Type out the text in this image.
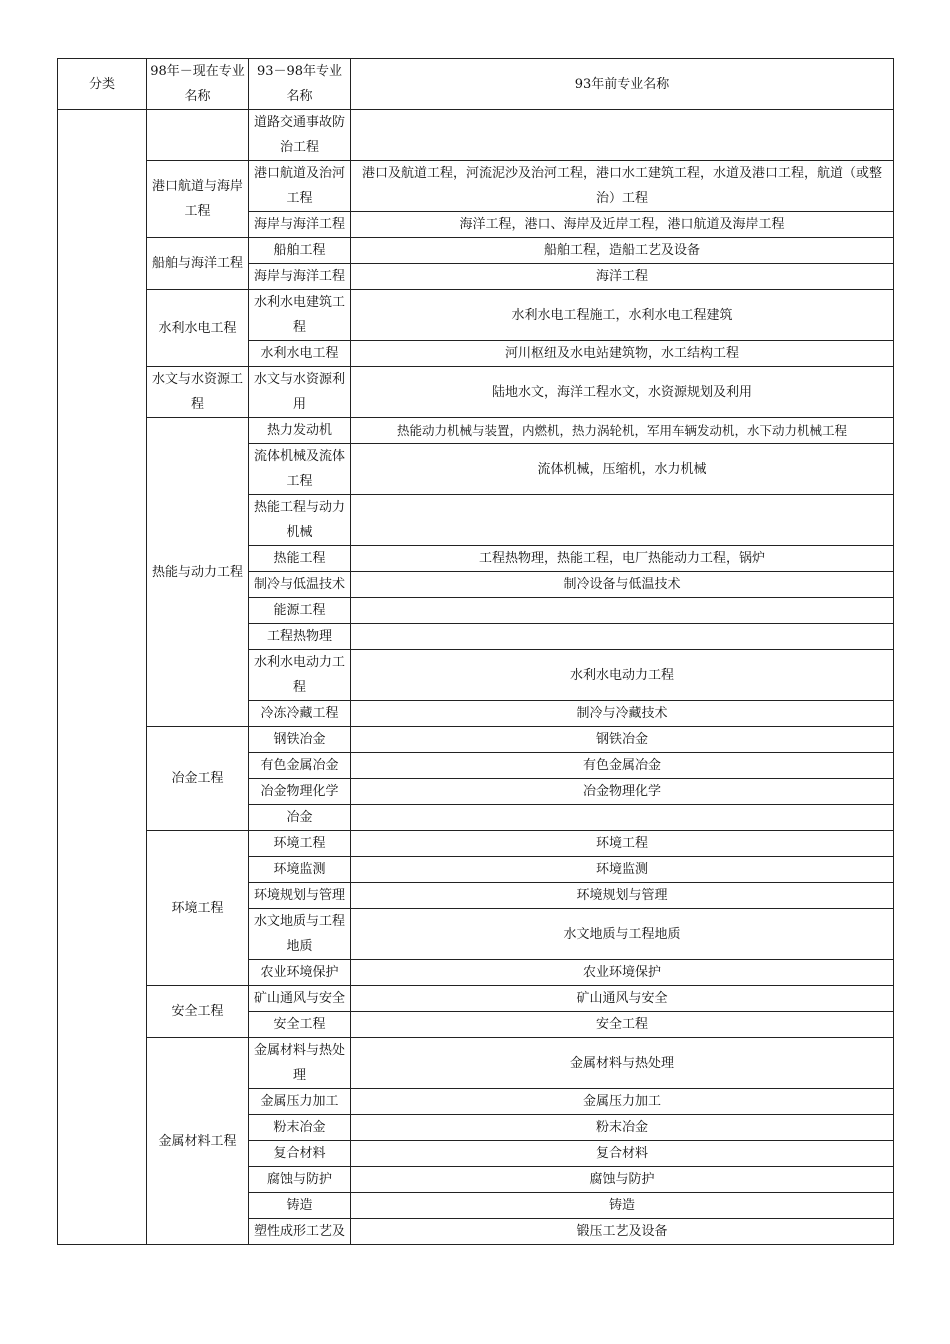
分类	98年－现在专业名称	93－98年专业名称	93年前专业名称
		道路交通事故防治工程	
	港口航道与海岸工程	港口航道及治河工程	港口及航道工程，河流泥沙及治河工程，港口水工建筑工程，水道及港口工程，航道（或整治）工程
		海岸与海洋工程	海洋工程，港口、海岸及近岸工程，港口航道及海岸工程
	船舶与海洋工程	船舶工程	船舶工程，造船工艺及设备
		海岸与海洋工程	海洋工程
	水利水电工程	水利水电建筑工程	水利水电工程施工，水利水电工程建筑
		水利水电工程	河川枢纽及水电站建筑物，水工结构工程
	水文与水资源工程	水文与水资源利用	陆地水文，海洋工程水文，水资源规划及利用
	热能与动力工程	热力发动机	热能动力机械与装置，内燃机，热力涡轮机，军用车辆发动机，水下动力机械工程
		流体机械及流体工程	流体机械，压缩机，水力机械
		热能工程与动力机械	
		热能工程	工程热物理，热能工程，电厂热能动力工程，锅炉
		制冷与低温技术	制冷设备与低温技术
		能源工程	
		工程热物理	
		水利水电动力工程	水利水电动力工程
		冷冻冷藏工程	制冷与冷藏技术
	冶金工程	钢铁冶金	钢铁冶金
		有色金属冶金	有色金属冶金
		冶金物理化学	冶金物理化学
		冶金	
	环境工程	环境工程	环境工程
		环境监测	环境监测
		环境规划与管理	环境规划与管理
		水文地质与工程地质	水文地质与工程地质
		农业环境保护	农业环境保护
	安全工程	矿山通风与安全	矿山通风与安全
		安全工程	安全工程
	金属材料工程	金属材料与热处理	金属材料与热处理
		金属压力加工	金属压力加工
		粉末冶金	粉末冶金
		复合材料	复合材料
		腐蚀与防护	腐蚀与防护
		铸造	铸造
		塑性成形工艺及	锻压工艺及设备
